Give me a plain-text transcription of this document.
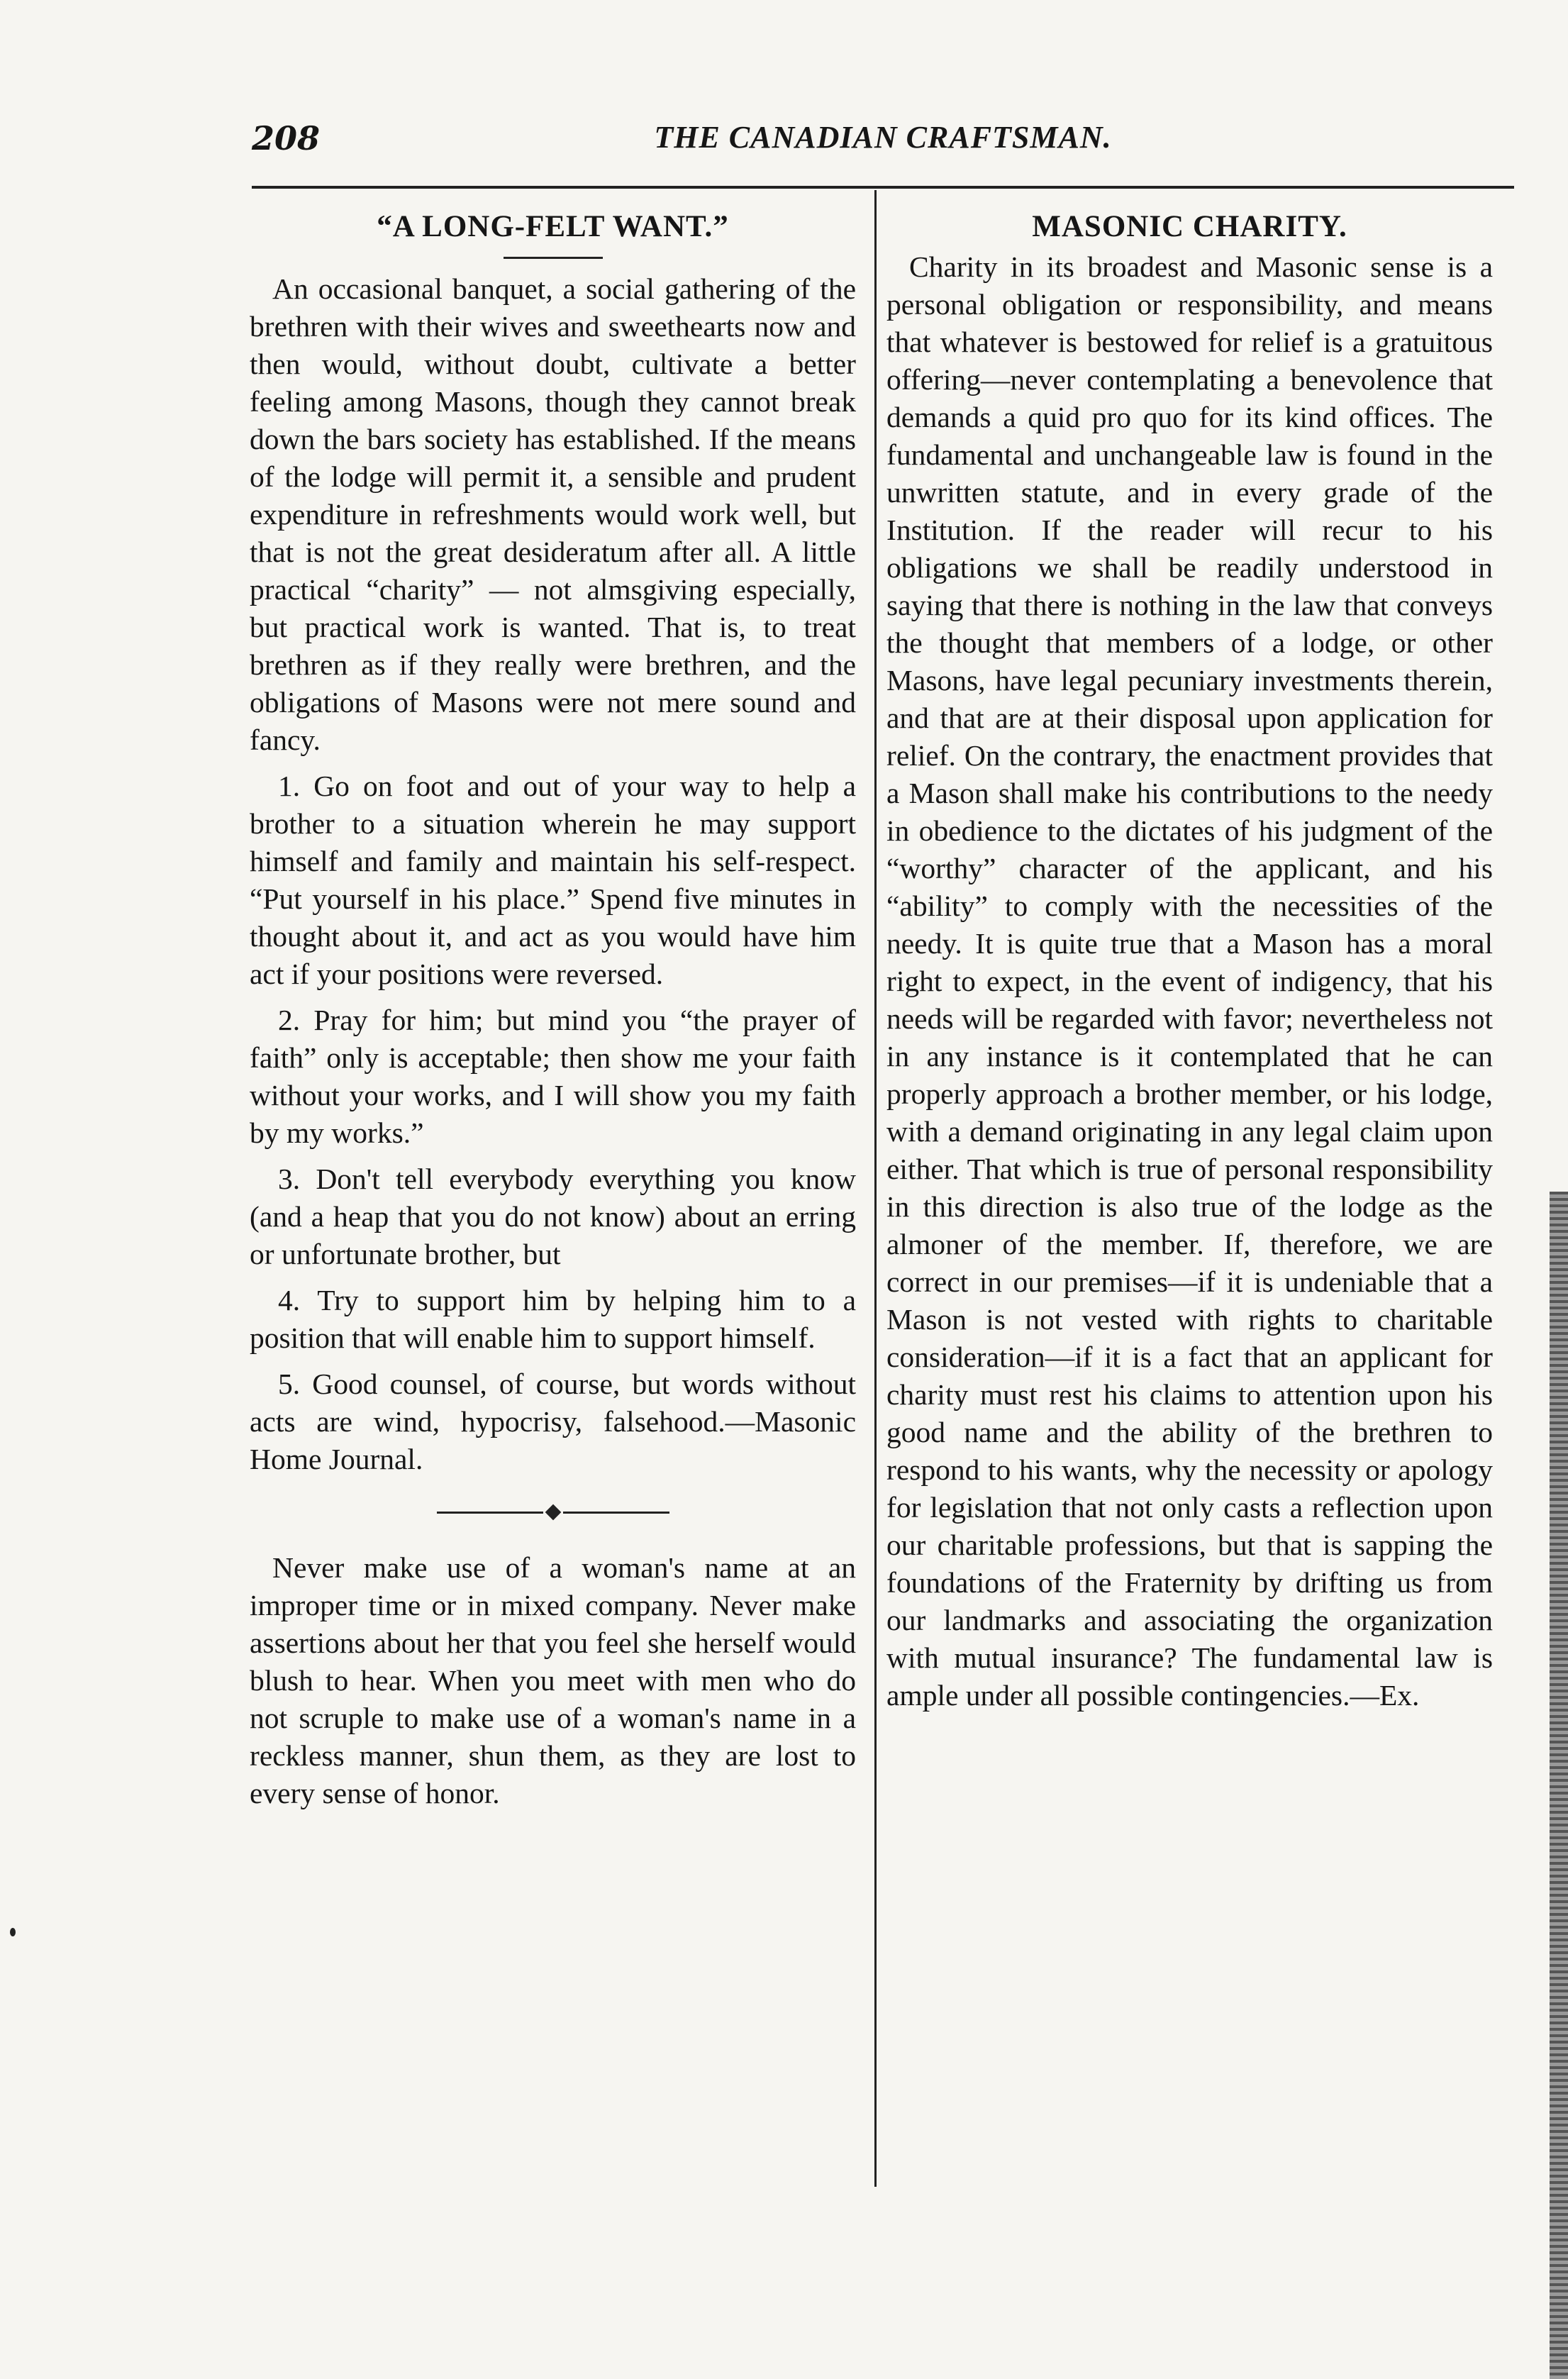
208	THE CANADIAN CRAFTSMAN.
“A LONG-FELT WANT.”

An occasional banquet, a social gathering of the brethren with their wives and sweethearts now and then would, without doubt, cultivate a better feeling among Masons, though they cannot break down the bars society has established. If the means of the lodge will permit it, a sensible and prudent expenditure in refreshments would work well, but that is not the great desideratum after all. A little practical “charity” — not almsgiving especially, but practical work is wanted. That is, to treat brethren as if they really were brethren, and the obligations of Masons were not mere sound and fancy.

1. Go on foot and out of your way to help a brother to a situation wherein he may support himself and family and maintain his self-respect. “Put yourself in his place.” Spend five minutes in thought about it, and act as you would have him act if your positions were reversed.

2. Pray for him; but mind you “the prayer of faith” only is acceptable; then show me your faith without your works, and I will show you my faith by my works.”

3. Don't tell everybody everything you know (and a heap that you do not know) about an erring or unfortunate brother, but

4. Try to support him by helping him to a position that will enable him to support himself.

5. Good counsel, of course, but words without acts are wind, hypocrisy, falsehood.—Masonic Home Journal.

Never make use of a woman's name at an improper time or in mixed company. Never make assertions about her that you feel she herself would blush to hear. When you meet with men who do not scruple to make use of a woman's name in a reckless manner, shun them, as they are lost to every sense of honor.

MASONIC CHARITY.

Charity in its broadest and Masonic sense is a personal obligation or responsibility, and means that whatever is bestowed for relief is a gratuitous offering—never contemplating a benevolence that demands a quid pro quo for its kind offices. The fundamental and unchangeable law is found in the unwritten statute, and in every grade of the Institution. If the reader will recur to his obligations we shall be readily understood in saying that there is nothing in the law that conveys the thought that members of a lodge, or other Masons, have legal pecuniary investments therein, and that are at their disposal upon application for relief. On the contrary, the enactment provides that a Mason shall make his contributions to the needy in obedience to the dictates of his judgment of the “worthy” character of the applicant, and his “ability” to comply with the necessities of the needy. It is quite true that a Mason has a moral right to expect, in the event of indigency, that his needs will be regarded with favor; nevertheless not in any instance is it contemplated that he can properly approach a brother member, or his lodge, with a demand originating in any legal claim upon either. That which is true of personal responsibility in this direction is also true of the lodge as the almoner of the member. If, therefore, we are correct in our premises—if it is undeniable that a Mason is not vested with rights to charitable consideration—if it is a fact that an applicant for charity must rest his claims to attention upon his good name and the ability of the brethren to respond to his wants, why the necessity or apology for legislation that not only casts a reflection upon our charitable professions, but that is sapping the foundations of the Fraternity by drifting us from our landmarks and associating the organization with mutual insurance? The fundamental law is ample under all possible contingencies.—Ex.
